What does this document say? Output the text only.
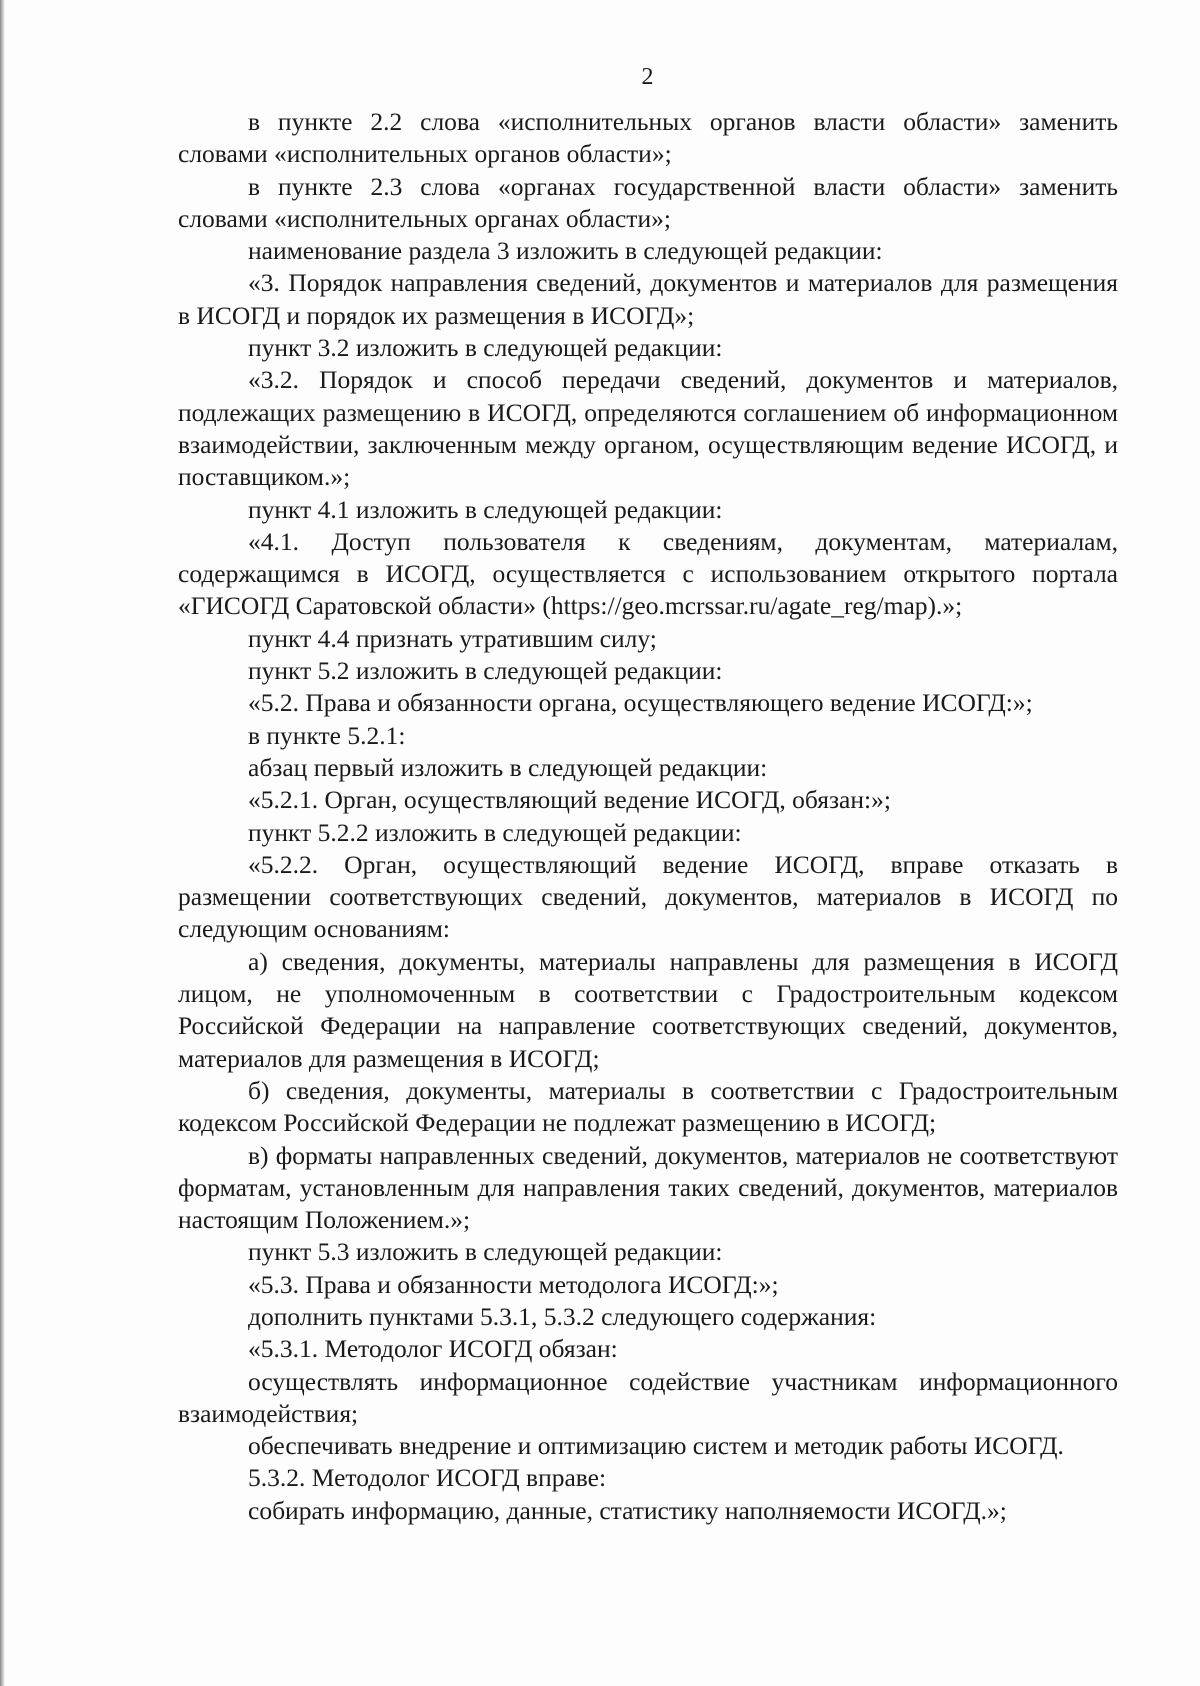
2

в пункте 2.2 слова «исполнительных органов власти области» заменить словами «исполнительных органов области»;

в пункте 2.3 слова «органах государственной власти области» заменить словами «исполнительных органах области»;

наименование раздела 3 изложить в следующей редакции:

«3. Порядок направления сведений, документов и материалов для размещения в ИСОГД и порядок их размещения в ИСОГД»;

пункт 3.2 изложить в следующей редакции:

«3.2. Порядок и способ передачи сведений, документов и материалов, подлежащих размещению в ИСОГД, определяются соглашением об информационном взаимодействии, заключенным между органом, осуществляющим ведение ИСОГД, и поставщиком.»;

пункт 4.1 изложить в следующей редакции:

«4.1. Доступ пользователя к сведениям, документам, материалам, содержащимся в ИСОГД, осуществляется с использованием открытого портала «ГИСОГД Саратовской области» (https://geo.mcrssar.ru/agate_reg/map).»;

пункт 4.4 признать утратившим силу;

пункт 5.2 изложить в следующей редакции:

«5.2. Права и обязанности органа, осуществляющего ведение ИСОГД:»;

в пункте 5.2.1:

абзац первый изложить в следующей редакции:

«5.2.1. Орган, осуществляющий ведение ИСОГД, обязан:»;

пункт 5.2.2 изложить в следующей редакции:

«5.2.2. Орган, осуществляющий ведение ИСОГД, вправе отказать в размещении соответствующих сведений, документов, материалов в ИСОГД по следующим основаниям:

а) сведения, документы, материалы направлены для размещения в ИСОГД лицом, не уполномоченным в соответствии с Градостроительным кодексом Российской Федерации на направление соответствующих сведений, документов, материалов для размещения в ИСОГД;

б) сведения, документы, материалы в соответствии с Градостроительным кодексом Российской Федерации не подлежат размещению в ИСОГД;

в) форматы направленных сведений, документов, материалов не соответствуют форматам, установленным для направления таких сведений, документов, материалов настоящим Положением.»;

пункт 5.3 изложить в следующей редакции:

«5.3. Права и обязанности методолога ИСОГД:»;

дополнить пунктами 5.3.1, 5.3.2 следующего содержания:

«5.3.1. Методолог ИСОГД обязан:

осуществлять информационное содействие участникам информационного взаимодействия;

обеспечивать внедрение и оптимизацию систем и методик работы ИСОГД.

5.3.2. Методолог ИСОГД вправе:

собирать информацию, данные, статистику наполняемости ИСОГД.»;
